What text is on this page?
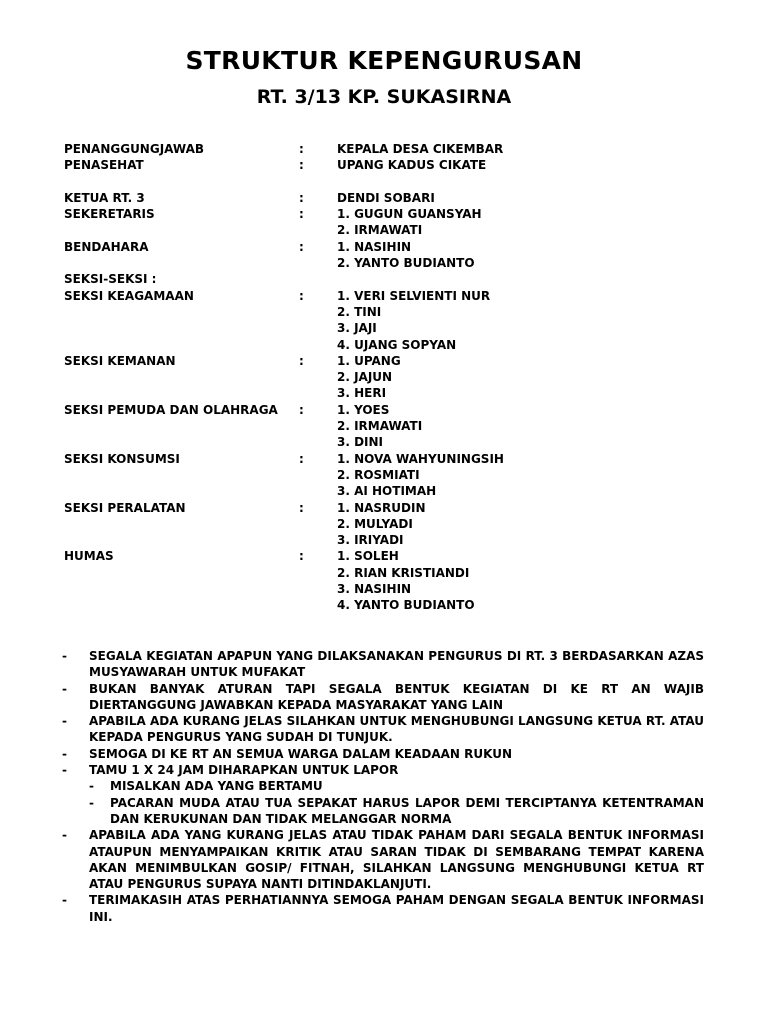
STRUKTUR KEPENGURUSAN
RT. 3/13 KP. SUKASIRNA
PENANGGUNGJAWAB	:	KEPALA DESA CIKEMBAR
PENASEHAT	:	UPANG KADUS CIKATE
KETUA RT. 3	:	DENDI SOBARI
SEKERETARIS	:	1. GUGUN GUANSYAH
2. IRMAWATI
BENDAHARA	:	1. NASIHIN
2. YANTO BUDIANTO
SEKSI-SEKSI :
SEKSI KEAGAMAAN	:	1. VERI SELVIENTI NUR
2. TINI
3. JAJI
4. UJANG SOPYAN
SEKSI KEMANAN	:	1. UPANG
2. JAJUN
3. HERI
SEKSI PEMUDA DAN OLAHRAGA	:	1. YOES
2. IRMAWATI
3. DINI
SEKSI KONSUMSI	:	1. NOVA WAHYUNINGSIH
2. ROSMIATI
3. AI HOTIMAH
SEKSI PERALATAN	:	1. NASRUDIN
2. MULYADI
3. IRIYADI
HUMAS	:	1. SOLEH
2. RIAN KRISTIANDI
3. NASIHIN
4. YANTO BUDIANTO
-	SEGALA KEGIATAN APAPUN YANG DILAKSANAKAN PENGURUS DI RT. 3 BERDASARKAN AZAS MUSYAWARAH UNTUK MUFAKAT
-	BUKAN BANYAK ATURAN TAPI SEGALA BENTUK KEGIATAN DI KE RT AN WAJIB DIERTANGGUNG JAWABKAN KEPADA MASYARAKAT YANG LAIN
-	APABILA ADA KURANG JELAS SILAHKAN UNTUK MENGHUBUNGI LANGSUNG KETUA RT. ATAU KEPADA PENGURUS YANG SUDAH DI TUNJUK.
-	SEMOGA DI KE RT AN SEMUA WARGA DALAM KEADAAN RUKUN
-	TAMU 1 X 24 JAM DIHARAPKAN UNTUK LAPOR
-	MISALKAN ADA YANG BERTAMU
-	PACARAN MUDA ATAU TUA SEPAKAT HARUS LAPOR DEMI TERCIPTANYA KETENTRAMAN DAN KERUKUNAN DAN TIDAK MELANGGAR NORMA
-	APABILA ADA YANG KURANG JELAS ATAU TIDAK PAHAM DARI SEGALA BENTUK INFORMASI ATAUPUN MENYAMPAIKAN KRITIK ATAU SARAN TIDAK DI SEMBARANG TEMPAT KARENA AKAN MENIMBULKAN GOSIP/ FITNAH, SILAHKAN LANGSUNG MENGHUBUNGI KETUA RT ATAU PENGURUS SUPAYA NANTI DITINDAKLANJUTI.
-	TERIMAKASIH ATAS PERHATIANNYA SEMOGA PAHAM DENGAN SEGALA BENTUK INFORMASI INI.
